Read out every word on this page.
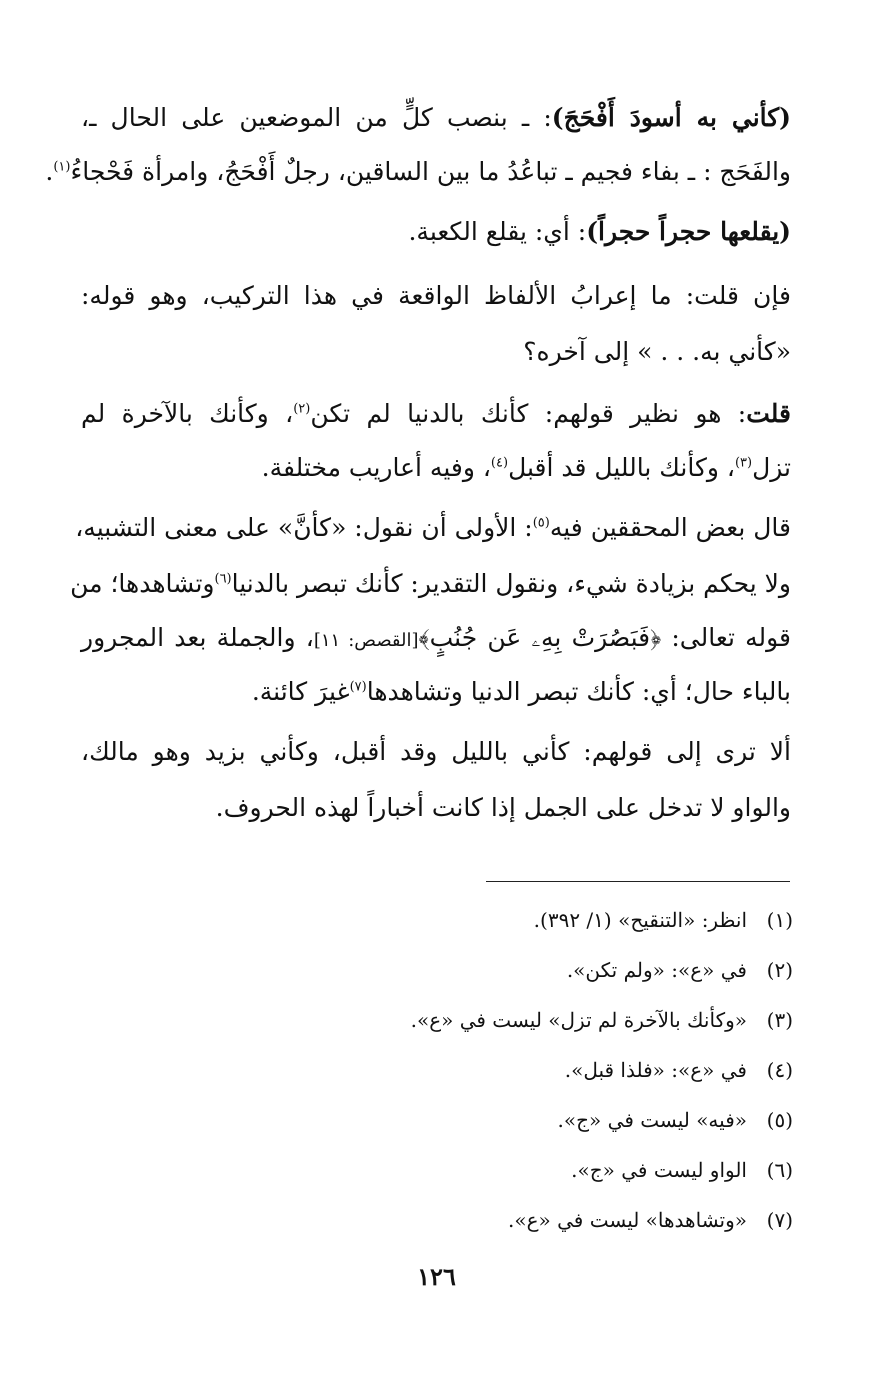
(كأني به أسودَ أَفْحَجَ): ـ بنصب كلٍّ من الموضعين على الحال ـ،
والفَحَج : ـ بفاء فجيم ـ تباعُدُ ما بين الساقين، رجلٌ أَفْحَجُ، وامرأة فَحْجاءُ$^{(١)}$.
(يقلعها حجراً حجراً): أي: يقلع الكعبة.
فإن قلت: ما إعرابُ الألفاظ الواقعة في هذا التركيب، وهو قوله:
«كأني به. . . » إلى آخره؟
قلت: هو نظير قولهم: كأنك بالدنيا لم تكن$^{(٢)}$، وكأنك بالآخرة لم
تزل$^{(٣)}$، وكأنك بالليل قد أقبل$^{(٤)}$، وفيه أعاريب مختلفة.
قال بعض المحققين فيه$^{(٥)}$: الأولى أن نقول: «كأنَّ» على معنى التشبيه،
ولا يحكم بزيادة شيء، ونقول التقدير: كأنك تبصر بالدنيا$^{(٦)}$وتشاهدها؛ من
قوله تعالى: ﴿فَبَصُرَتْ بِهِۦ عَن جُنُبٍ﴾[القصص: ١١]، والجملة بعد المجرور
بالباء حال؛ أي: كأنك تبصر الدنيا وتشاهدها$^{(٧)}$غيرَ كائنة.
ألا ترى إلى قولهم: كأني بالليل وقد أقبل، وكأني بزيد وهو مالك،
والواو لا تدخل على الجمل إذا كانت أخباراً لهذه الحروف.
(١)انظر: «التنقيح» (١/ ٣٩٢).
(٢)في «ع»: «ولم تكن».
(٣)«وكأنك بالآخرة لم تزل» ليست في «ع».
(٤)في «ع»: «فلذا قبل».
(٥)«فيه» ليست في «ج».
(٦)الواو ليست في «ج».
(٧)«وتشاهدها» ليست في «ع».
١٢٦
